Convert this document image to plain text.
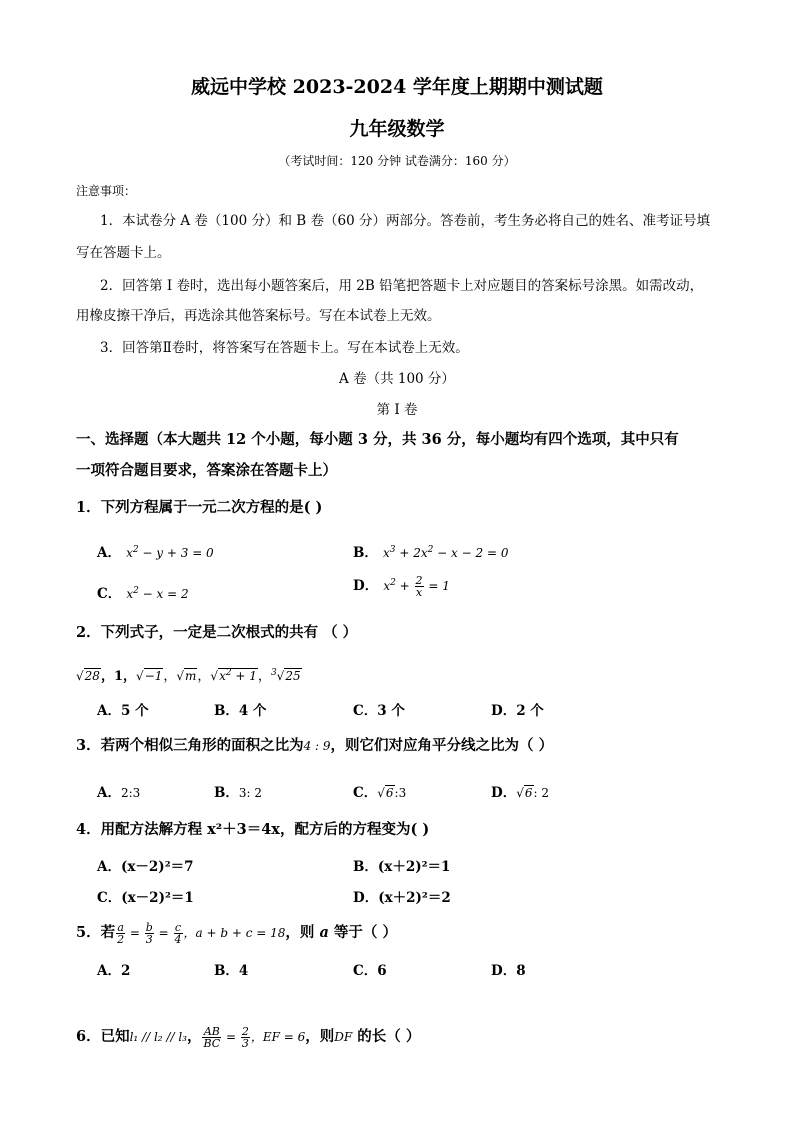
威远中学校 2023-2024 学年度上期期中测试题
九年级数学
（考试时间：120 分钟 试卷满分：160 分）
注意事项：
1．本试卷分 A 卷（100 分）和 B 卷（60 分）两部分。答卷前，考生务必将自己的姓名、准考证号填
写在答题卡上。
2．回答第 Ⅰ 卷时，选出每小题答案后，用 2B 铅笔把答题卡上对应题目的答案标号涂黑。如需改动，
用橡皮擦干净后，再选涂其他答案标号。写在本试卷上无效。
3．回答第Ⅱ卷时，将答案写在答题卡上。写在本试卷上无效。
A 卷（共 100 分）
第 Ⅰ 卷
一、选择题（本大题共 12 个小题，每小题 3 分，共 36 分，每小题均有四个选项，其中只有
一项符合题目要求，答案涂在答题卡上）
1．下列方程属于一元二次方程的是( )
A． $x^2 - y + 3 = 0$	B． $x^3 + 2x^2 - x - 2 = 0$
C． $x^2 - x = 2$	D． $x^2 + \frac{2}{x} = 1$
2．下列式子，一定是二次根式的共有 （ ）
√28，1，√−1，√m，$√x^2 + 1$，$^3$√25
A．5 个	B．4 个	C．3 个	D．2 个
3．若两个相似三角形的面积之比为4 : 9，则它们对应角平分线之比为（ ）
A．2:3	B．3: 2	C．√6:3	D．√6: 2
4．用配方法解方程 x²＋3＝4x，配方后的方程变为( )
A．(x－2)²＝7	B．(x＋2)²＝1
C．(x－2)²＝1	D．(x＋2)²＝2
5．若 $\frac{a}{2} = \frac{b}{3} = \frac{c}{4}$ ，a + b + c = 18，则 a 等于（ ）
A．2	B．4	C．6	D．8
6．已知l₁ // l₂ // l₃， $\frac{AB}{BC} = \frac{2}{3}$ ，EF = 6，则DF 的长（ ）
